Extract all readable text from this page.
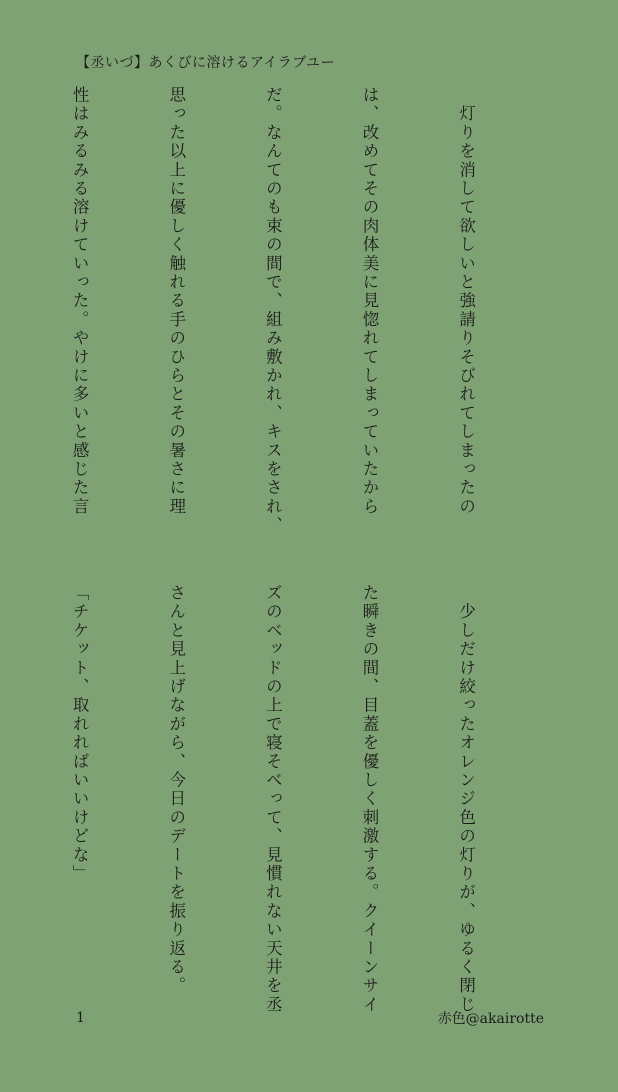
【丞いづ】あくびに溶けるアイラブユー

　灯りを消して欲しいと強請りそびれてしまったの

は、改めてその肉体美に見惚れてしまっていたから

だ。なんてのも束の間で、組み敷かれ、キスをされ、

思った以上に優しく触れる手のひらとその暑さに理

性はみるみる溶けていった。やけに多いと感じた言

　少しだけ絞ったオレンジ色の灯りが、ゆるく閉じ

た瞬きの間、目蓋を優しく刺激する。クイーンサイ

ズのベッドの上で寝そべって、見慣れない天井を丞

さんと見上げながら、今日のデートを振り返る。

「チケット、取れればいいけどな」

1	赤色@akairotte
